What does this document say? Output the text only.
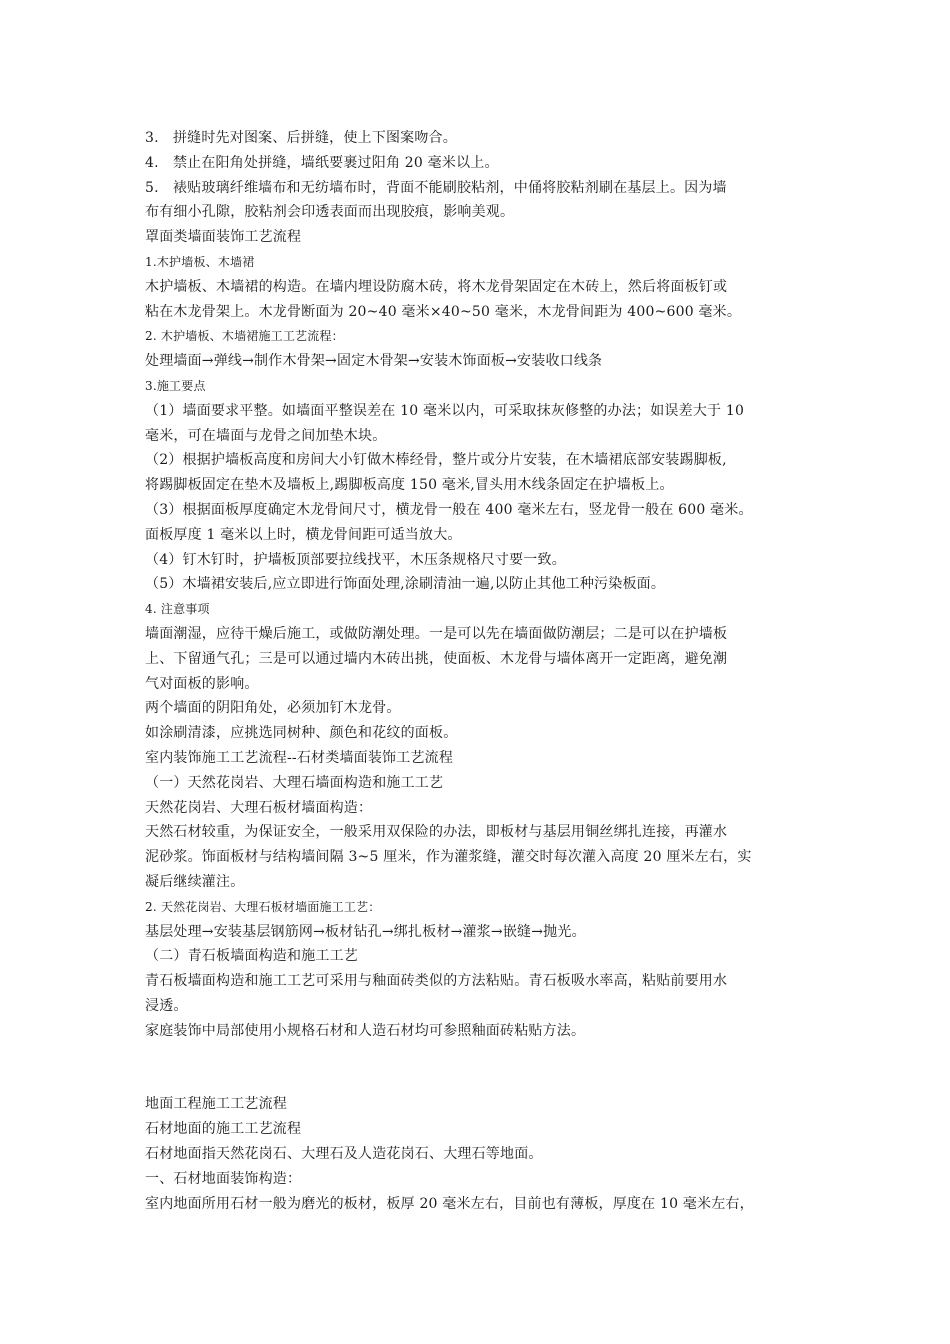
3.　拼缝时先对图案、后拼缝，使上下图案吻合。
4.　禁止在阳角处拼缝，墙纸要裹过阳角 20 毫米以上。
5.　裱贴玻璃纤维墙布和无纺墙布时，背面不能刷胶粘剂，中俑将胶粘剂刷在基层上。因为墙
布有细小孔隙，胶粘剂会印透表面而出现胶痕，影响美观。
罩面类墙面装饰工艺流程
1.木护墙板、木墙裙
木护墙板、木墙裙的构造。在墙内埋设防腐木砖，将木龙骨架固定在木砖上，然后将面板钉或
粘在木龙骨架上。木龙骨断面为 20~40 毫米×40~50 毫米，木龙骨间距为 400~600 毫米。
2. 木护墙板、木墙裙施工工艺流程：
处理墙面→弹线→制作木骨架→固定木骨架→安装木饰面板→安装收口线条
3.施工要点
（1）墙面要求平整。如墙面平整误差在 10 毫米以内，可采取抹灰修整的办法；如误差大于 10
毫米，可在墙面与龙骨之间加垫木块。
（2）根据护墙板高度和房间大小钉做木棒经骨，整片或分片安装，在木墙裙底部安装踢脚板,
将踢脚板固定在垫木及墙板上,踢脚板高度 150 毫米,冒头用木线条固定在护墙板上。
（3）根据面板厚度确定木龙骨间尺寸，横龙骨一般在 400 毫米左右，竖龙骨一般在 600 毫米。
面板厚度 1 毫米以上时，横龙骨间距可适当放大。
（4）钉木钉时，护墙板顶部要拉线找平，木压条规格尺寸要一致。
（5）木墙裙安装后,应立即进行饰面处理,涂刷清油一遍,以防止其他工种污染板面。
4. 注意事项
墙面潮湿，应待干燥后施工，或做防潮处理。一是可以先在墙面做防潮层；二是可以在护墙板
上、下留通气孔；三是可以通过墙内木砖出挑，使面板、木龙骨与墙体离开一定距离，避免潮
气对面板的影响。
两个墙面的阴阳角处，必须加钉木龙骨。
如涂刷清漆，应挑选同树种、颜色和花纹的面板。
室内装饰施工工艺流程--石材类墙面装饰工艺流程
（一）天然花岗岩、大理石墙面构造和施工工艺
天然花岗岩、大理石板材墙面构造：
天然石材较重，为保证安全，一般采用双保险的办法，即板材与基层用铜丝绑扎连接，再灌水
泥砂浆。饰面板材与结构墙间隔 3~5 厘米，作为灌浆缝，灌交时每次灌入高度 20 厘米左右，实
凝后继续灌注。
2. 天然花岗岩、大理石板材墙面施工工艺：
基层处理→安装基层钢筋网→板材钻孔→绑扎板材→灌浆→嵌缝→抛光。
（二）青石板墙面构造和施工工艺
青石板墙面构造和施工工艺可采用与釉面砖类似的方法粘贴。青石板吸水率高，粘贴前要用水
浸透。
家庭装饰中局部使用小规格石材和人造石材均可参照釉面砖粘贴方法。
地面工程施工工艺流程
石材地面的施工工艺流程
石材地面指天然花岗石、大理石及人造花岗石、大理石等地面。
一、石材地面装饰构造：
室内地面所用石材一般为磨光的板材，板厚 20 毫米左右，目前也有薄板，厚度在 10 毫米左右，
